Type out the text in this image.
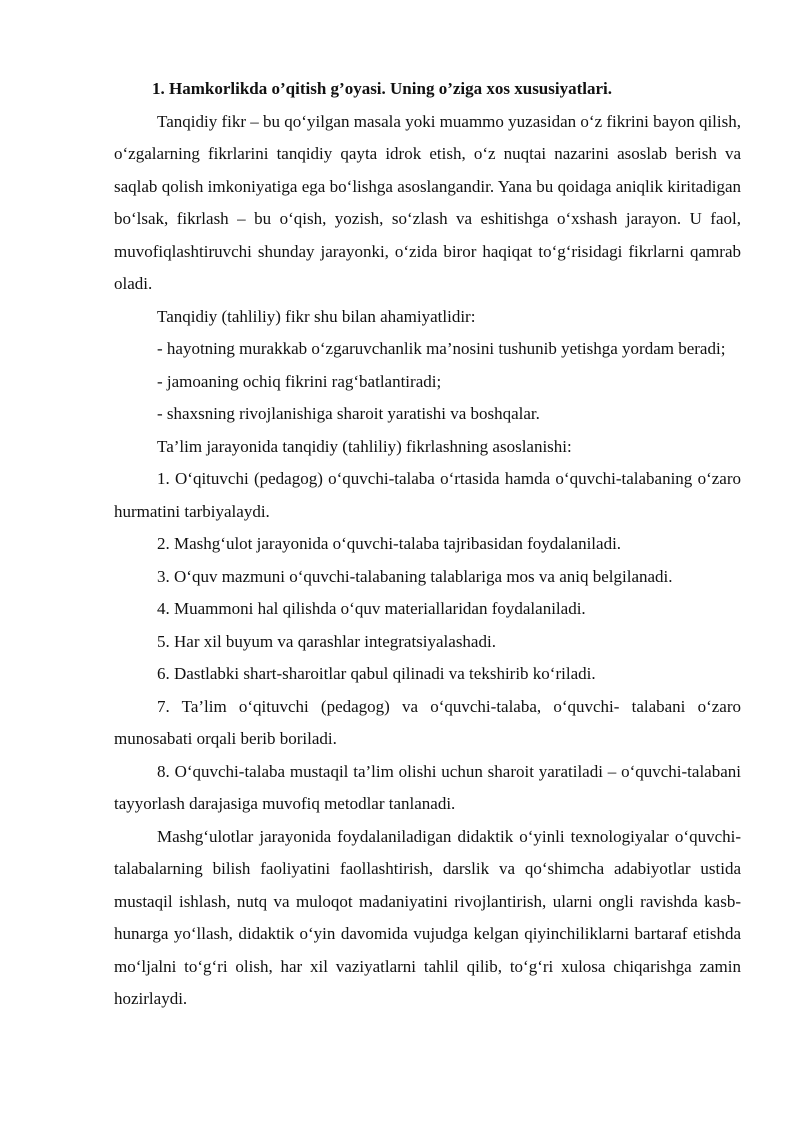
1. Hamkorlikda o’qitish g’oyasi. Uning o’ziga xos xususiyatlari.

Tanqidiy fikr – bu qo‘yilgan masala yoki muammo yuzasidan o‘z fikrini bayon qilish, o‘zgalarning fikrlarini tanqidiy qayta idrok etish, o‘z nuqtai nazarini asoslab berish va saqlab qolish imkoniyatiga ega bo‘lishga asoslangandir. Yana bu qoidaga aniqlik kiritadigan bo‘lsak, fikrlash – bu o‘qish, yozish, so‘zlash va eshitishga o‘xshash jarayon. U faol, muvofiqlashtiruvchi shunday jarayonki, o‘zida biror haqiqat to‘g‘risidagi fikrlarni qamrab oladi.

Tanqidiy (tahliliy) fikr shu bilan ahamiyatlidir:

- hayotning murakkab o‘zgaruvchanlik ma’nosini tushunib yetishga yordam beradi;

- jamoaning ochiq fikrini rag‘batlantiradi;

- shaxsning rivojlanishiga sharoit yaratishi va boshqalar.

Ta’lim jarayonida tanqidiy (tahliliy) fikrlashning asoslanishi:

1. O‘qituvchi (pedagog) o‘quvchi-talaba o‘rtasida hamda o‘quvchi-talabaning o‘zaro hurmatini tarbiyalaydi.

2. Mashg‘ulot jarayonida o‘quvchi-talaba tajribasidan foydalaniladi.

3. O‘quv mazmuni o‘quvchi-talabaning talablariga mos va aniq belgilanadi.

4. Muammoni hal qilishda o‘quv materiallaridan foydalaniladi.

5. Har xil buyum va qarashlar integratsiyalashadi.

6. Dastlabki shart-sharoitlar qabul qilinadi va tekshirib ko‘riladi.

7. Ta’lim o‘qituvchi (pedagog) va o‘quvchi-talaba, o‘quvchi- talabani o‘zaro munosabati orqali berib boriladi.

8. O‘quvchi-talaba mustaqil ta’lim olishi uchun sharoit yaratiladi – o‘quvchi-talabani tayyorlash darajasiga muvofiq metodlar tanlanadi.

Mashg‘ulotlar jarayonida foydalaniladigan didaktik o‘yinli texnologiyalar o‘quvchi-talabalarning bilish faoliyatini faollashtirish, darslik va qo‘shimcha adabiyotlar ustida mustaqil ishlash, nutq va muloqot madaniyatini rivojlantirish, ularni ongli ravishda kasb-hunarga yo‘llash, didaktik o‘yin davomida vujudga kelgan qiyinchiliklarni bartaraf etishda mo‘ljalni to‘g‘ri olish, har xil vaziyatlarni tahlil qilib, to‘g‘ri xulosa chiqarishga zamin hozirlaydi.
